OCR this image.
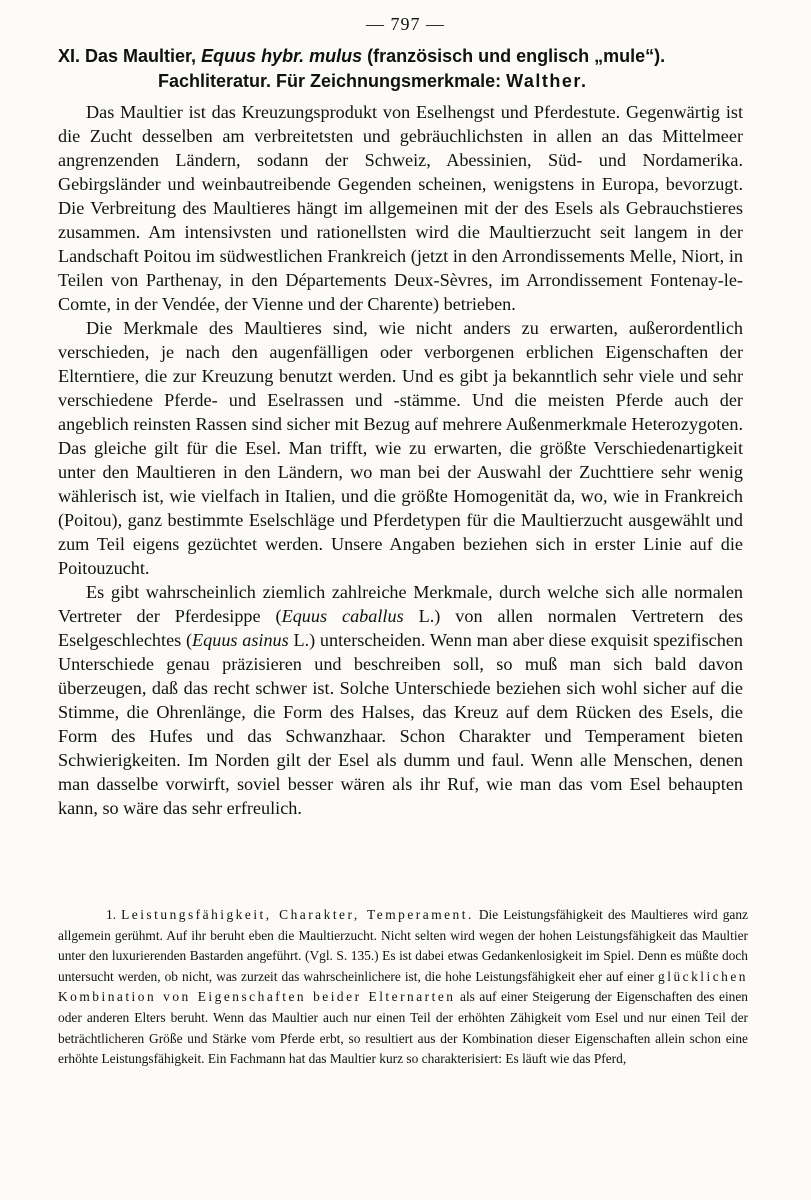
— 797 —
XI. Das Maultier, Equus hybr. mulus (französisch und englisch „mule“).
Fachliteratur. Für Zeichnungsmerkmale: Walther.

Das Maultier ist das Kreuzungsprodukt von Eselhengst und Pferdestute. Gegenwärtig ist die Zucht desselben am verbreitetsten und gebräuchlichsten in allen an das Mittelmeer angrenzenden Ländern, sodann der Schweiz, Abessinien, Süd- und Nordamerika. Gebirgsländer und weinbautreibende Gegenden scheinen, wenigstens in Europa, bevorzugt. Die Verbreitung des Maultieres hängt im allgemeinen mit der des Esels als Gebrauchstieres zusammen. Am intensivsten und rationellsten wird die Maultierzucht seit langem in der Landschaft Poitou im südwestlichen Frankreich (jetzt in den Arrondissements Melle, Niort, in Teilen von Parthenay, in den Départements Deux-Sèvres, im Arrondissement Fontenay-le-Comte, in der Vendée, der Vienne und der Charente) betrieben.

Die Merkmale des Maultieres sind, wie nicht anders zu erwarten, außerordentlich verschieden, je nach den augenfälligen oder verborgenen erblichen Eigenschaften der Elterntiere, die zur Kreuzung benutzt werden. Und es gibt ja bekanntlich sehr viele und sehr verschiedene Pferde- und Eselrassen und -stämme. Und die meisten Pferde auch der angeblich reinsten Rassen sind sicher mit Bezug auf mehrere Außenmerkmale Heterozygoten. Das gleiche gilt für die Esel. Man trifft, wie zu erwarten, die größte Verschiedenartigkeit unter den Maultieren in den Ländern, wo man bei der Auswahl der Zuchttiere sehr wenig wählerisch ist, wie vielfach in Italien, und die größte Homogenität da, wo, wie in Frankreich (Poitou), ganz bestimmte Eselschläge und Pferdetypen für die Maultierzucht ausgewählt und zum Teil eigens gezüchtet werden. Unsere Angaben beziehen sich in erster Linie auf die Poitouzucht.

Es gibt wahrscheinlich ziemlich zahlreiche Merkmale, durch welche sich alle normalen Vertreter der Pferdesippe (Equus caballus L.) von allen normalen Vertretern des Eselgeschlechtes (Equus asinus L.) unterscheiden. Wenn man aber diese exquisit spezifischen Unterschiede genau präzisieren und beschreiben soll, so muß man sich bald davon überzeugen, daß das recht schwer ist. Solche Unterschiede beziehen sich wohl sicher auf die Stimme, die Ohrenlänge, die Form des Halses, das Kreuz auf dem Rücken des Esels, die Form des Hufes und das Schwanzhaar. Schon Charakter und Temperament bieten Schwierigkeiten. Im Norden gilt der Esel als dumm und faul. Wenn alle Menschen, denen man dasselbe vorwirft, soviel besser wären als ihr Ruf, wie man das vom Esel behaupten kann, so wäre das sehr erfreulich.

1. Leistungsfähigkeit, Charakter, Temperament. Die Leistungsfähigkeit des Maultieres wird ganz allgemein gerühmt. Auf ihr beruht eben die Maultierzucht. Nicht selten wird wegen der hohen Leistungsfähigkeit das Maultier unter den luxurierenden Bastarden angeführt. (Vgl. S. 135.) Es ist dabei etwas Gedankenlosigkeit im Spiel. Denn es müßte doch untersucht werden, ob nicht, was zurzeit das wahrscheinlichere ist, die hohe Leistungsfähigkeit eher auf einer glücklichen Kombination von Eigenschaften beider Elternarten als auf einer Steigerung der Eigenschaften des einen oder anderen Elters beruht. Wenn das Maultier auch nur einen Teil der erhöhten Zähigkeit vom Esel und nur einen Teil der beträchtlicheren Größe und Stärke vom Pferde erbt, so resultiert aus der Kombination dieser Eigenschaften allein schon eine erhöhte Leistungsfähigkeit. Ein Fachmann hat das Maultier kurz so charakterisiert: Es läuft wie das Pferd,
